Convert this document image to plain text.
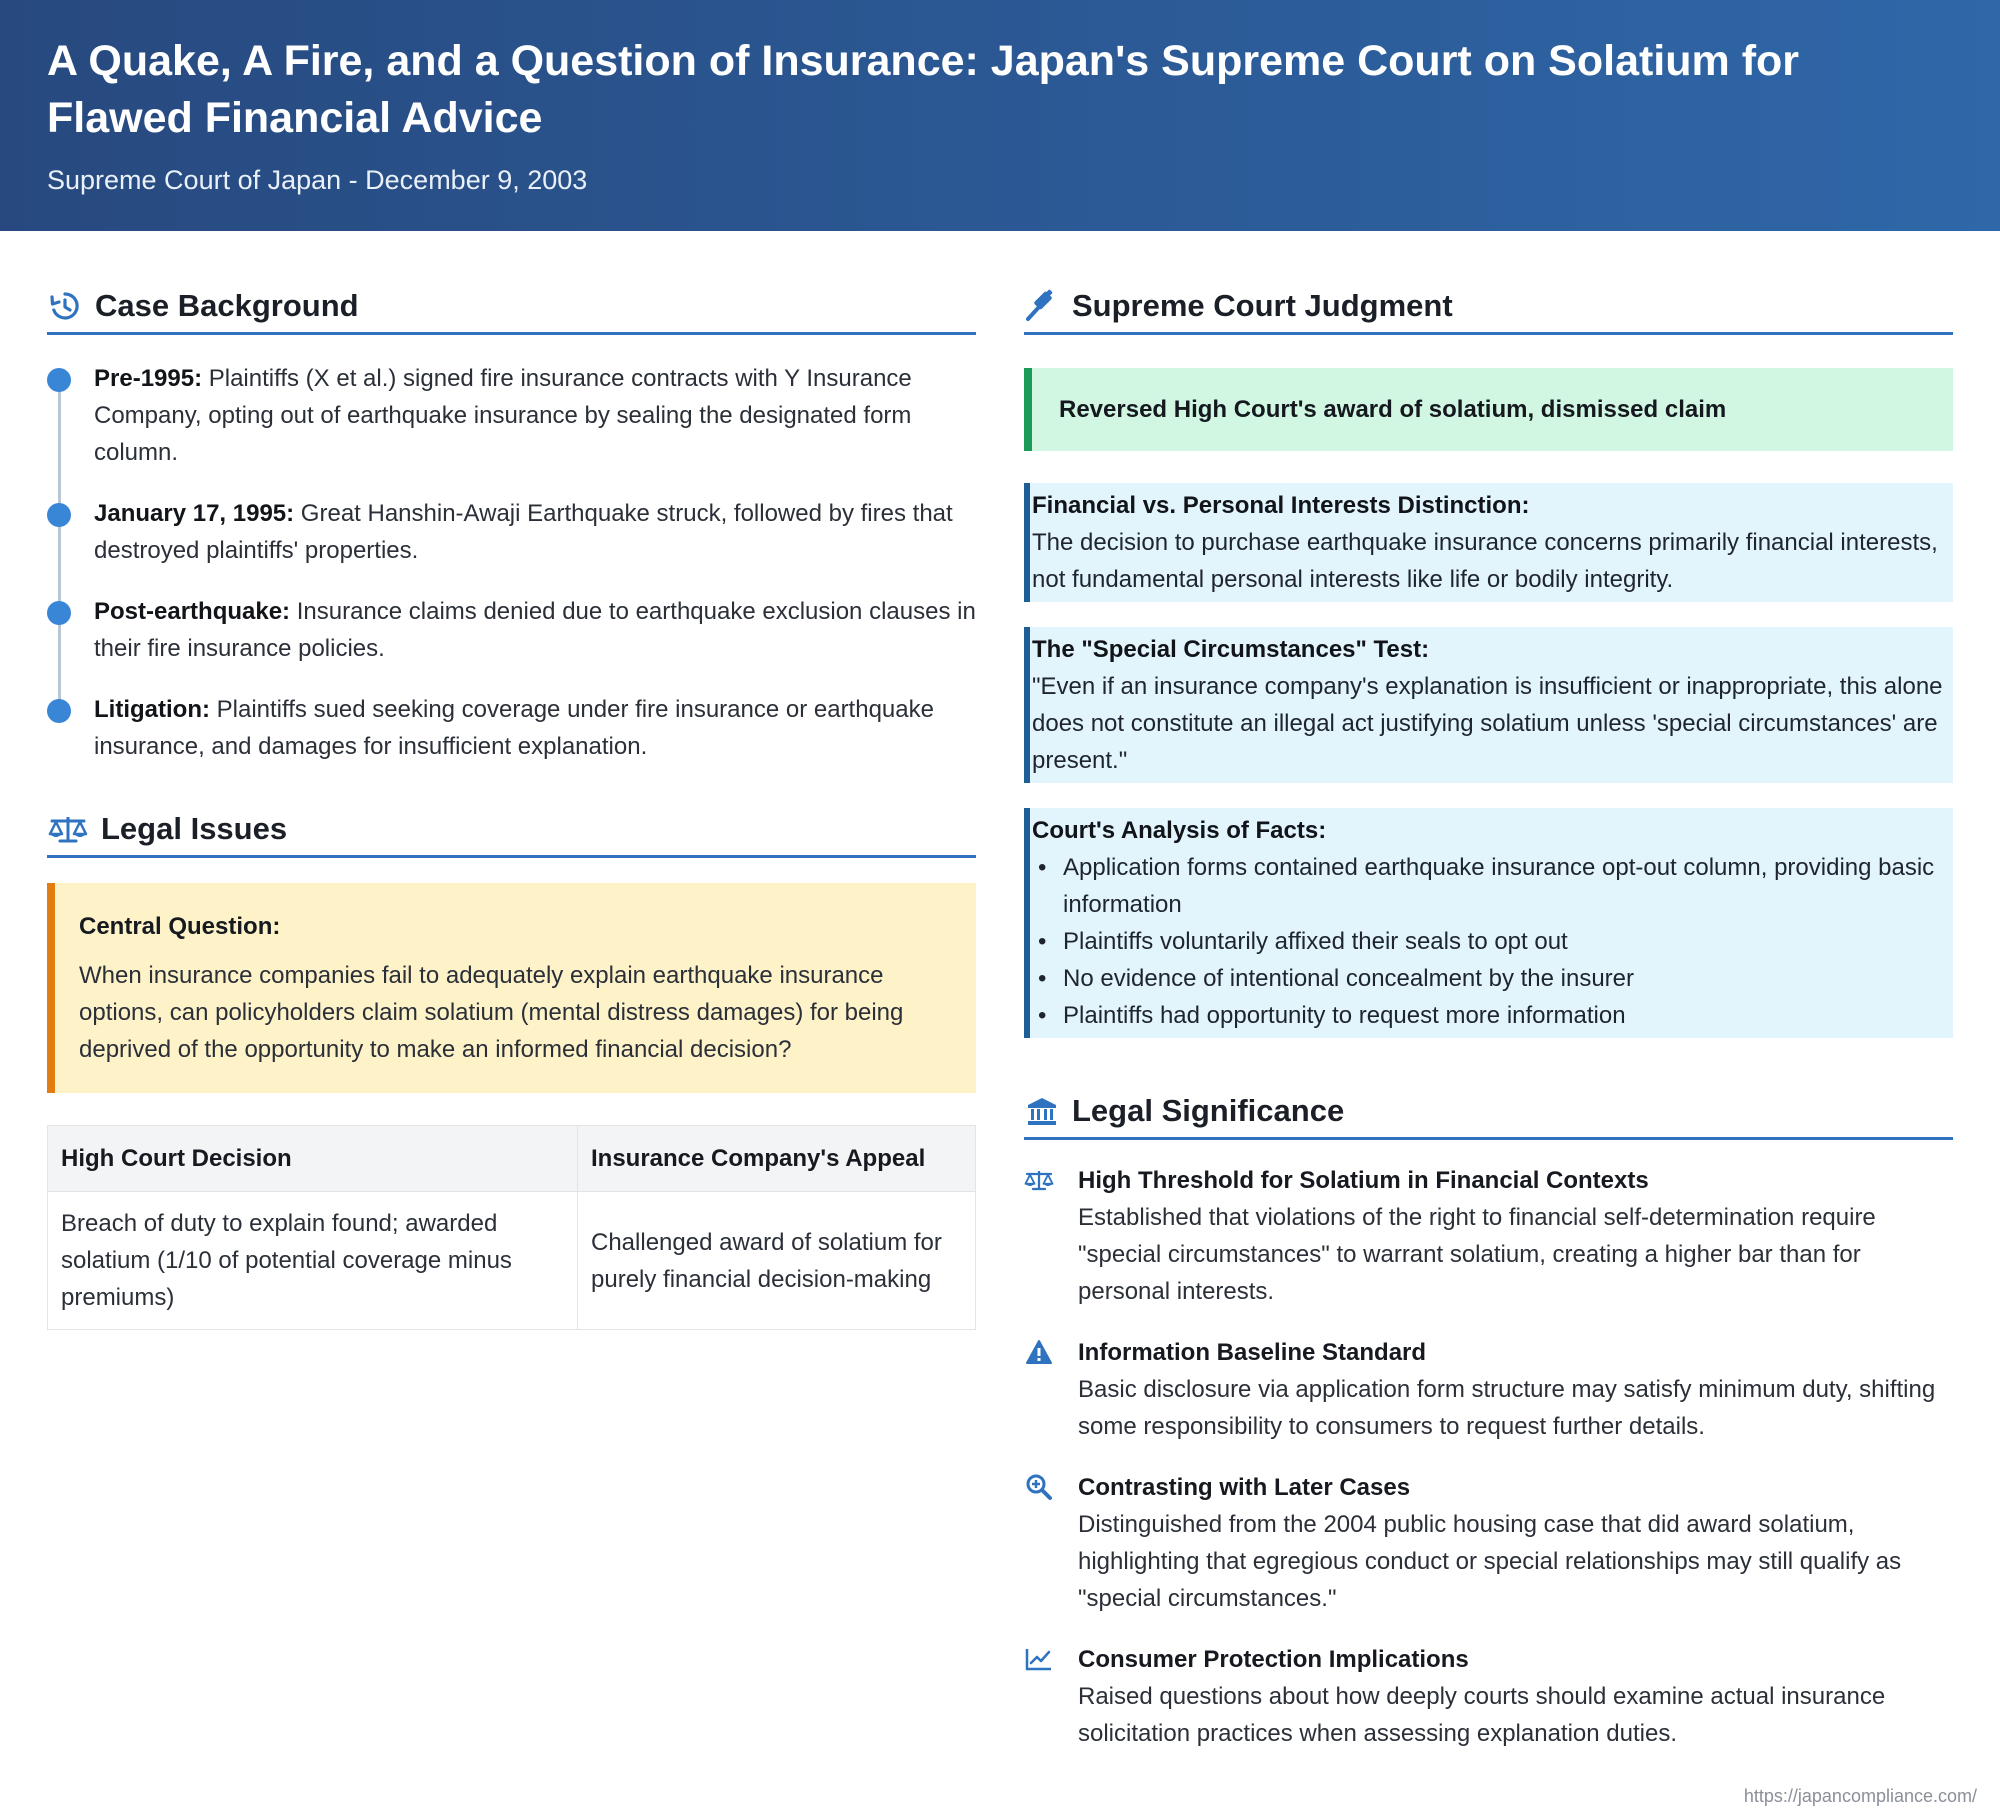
A Quake, A Fire, and a Question of Insurance: Japan's Supreme Court on Solatium for Flawed Financial Advice
Supreme Court of Japan - December 9, 2003
Case Background
Pre-1995: Plaintiffs (X et al.) signed fire insurance contracts with Y Insurance Company, opting out of earthquake insurance by sealing the designated form column.
January 17, 1995: Great Hanshin-Awaji Earthquake struck, followed by fires that destroyed plaintiffs' properties.
Post-earthquake: Insurance claims denied due to earthquake exclusion clauses in their fire insurance policies.
Litigation: Plaintiffs sued seeking coverage under fire insurance or earthquake insurance, and damages for insufficient explanation.
Legal Issues
Central Question:
When insurance companies fail to adequately explain earthquake insurance options, can policyholders claim solatium (mental distress damages) for being deprived of the opportunity to make an informed financial decision?
High Court Decision	Insurance Company's Appeal
Breach of duty to explain found; awarded solatium (1/10 of potential coverage minus premiums)	Challenged award of solatium for purely financial decision-making
Supreme Court Judgment
Reversed High Court's award of solatium, dismissed claim
Financial vs. Personal Interests Distinction:
The decision to purchase earthquake insurance concerns primarily financial interests, not fundamental personal interests like life or bodily integrity.
The "Special Circumstances" Test:
"Even if an insurance company's explanation is insufficient or inappropriate, this alone does not constitute an illegal act justifying solatium unless 'special circumstances' are present."
Court's Analysis of Facts:
• Application forms contained earthquake insurance opt-out column, providing basic information
• Plaintiffs voluntarily affixed their seals to opt out
• No evidence of intentional concealment by the insurer
• Plaintiffs had opportunity to request more information
Legal Significance
High Threshold for Solatium in Financial Contexts
Established that violations of the right to financial self-determination require "special circumstances" to warrant solatium, creating a higher bar than for personal interests.
Information Baseline Standard
Basic disclosure via application form structure may satisfy minimum duty, shifting some responsibility to consumers to request further details.
Contrasting with Later Cases
Distinguished from the 2004 public housing case that did award solatium, highlighting that egregious conduct or special relationships may still qualify as "special circumstances."
Consumer Protection Implications
Raised questions about how deeply courts should examine actual insurance solicitation practices when assessing explanation duties.
https://japancompliance.com/
